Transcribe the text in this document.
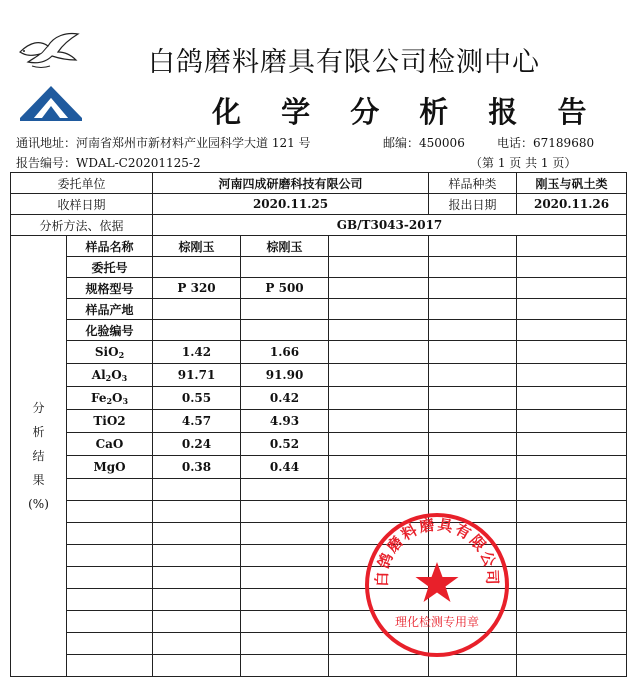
白鸽磨料磨具有限公司检测中心
化 学 分 析 报 告
通讯地址：河南省郑州市新材料产业园科学大道 121 号	邮编：450006	电话：67189680
报告编号：WDAL-C20201125-2	（第 1 页 共 1 页）
委托单位		河南四成研磨科技有限公司			样品种类	刚玉与矾土类
收样日期		2020.11.25			报出日期	2020.11.26
分析方法、依据		GB/T3043-2017				

分
析
结
果
(%)	样品名称	棕刚玉	棕刚玉			
	委托号					
	规格型号	P 320	P 500			
	样品产地					
	化验编号					
	SiO$_2$	1.42	1.66			
	$Al_2O_3$	91.71	91.90			
	$Fe_2O_3$	0.55	0.42			
	TiO2	4.57	4.93			
	CaO	0.24	0.52			
	MgO	0.38	0.44			

白鸽磨料磨具有限公司
理化检测专用章
